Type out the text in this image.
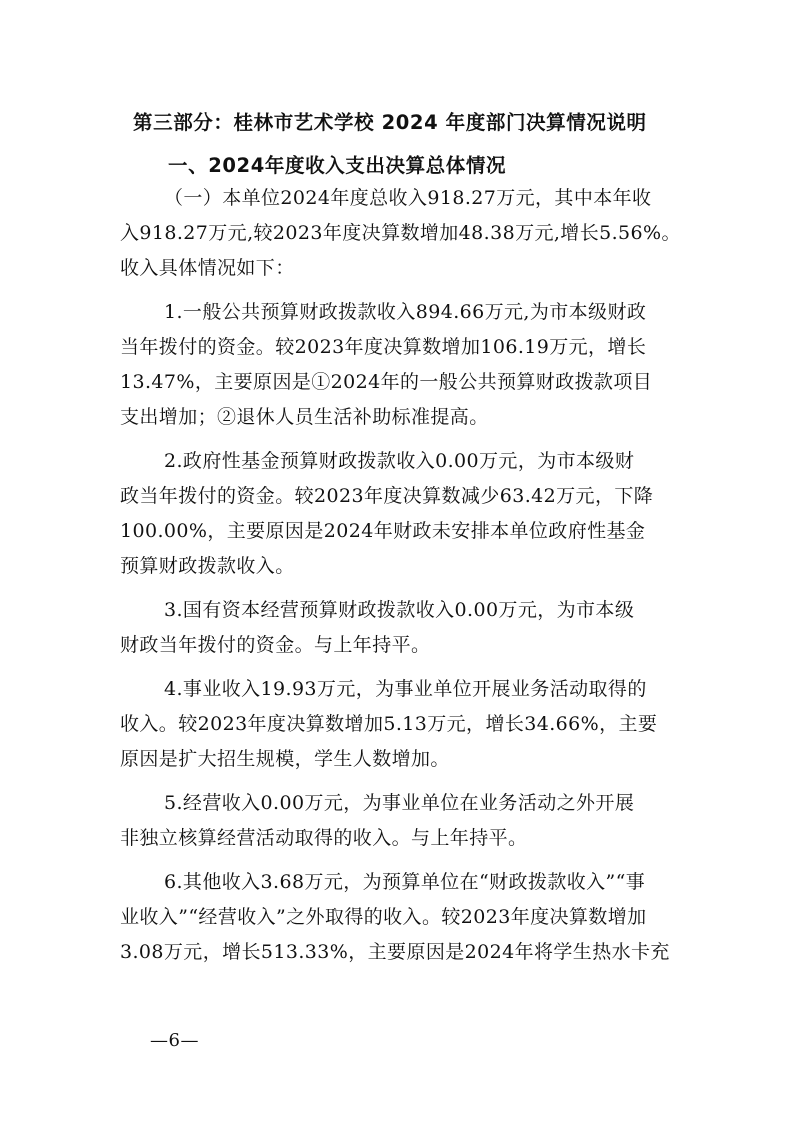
第三部分：桂林市艺术学校 2024 年度部门决算情况说明
一、2024年度收入支出决算总体情况
（一）本单位2024年度总收入918.27万元，其中本年收
入918.27万元,较2023年度决算数增加48.38万元,增长5.56%。
收入具体情况如下：
1.一般公共预算财政拨款收入894.66万元,为市本级财政
当年拨付的资金。较2023年度决算数增加106.19万元，增长
13.47%，主要原因是①2024年的一般公共预算财政拨款项目
支出增加；②退休人员生活补助标准提高。
2.政府性基金预算财政拨款收入0.00万元，为市本级财
政当年拨付的资金。较2023年度决算数减少63.42万元，下降
100.00%，主要原因是2024年财政未安排本单位政府性基金
预算财政拨款收入。
3.国有资本经营预算财政拨款收入0.00万元，为市本级
财政当年拨付的资金。与上年持平。
4.事业收入19.93万元，为事业单位开展业务活动取得的
收入。较2023年度决算数增加5.13万元，增长34.66%，主要
原因是扩大招生规模，学生人数增加。
5.经营收入0.00万元，为事业单位在业务活动之外开展
非独立核算经营活动取得的收入。与上年持平。
6.其他收入3.68万元，为预算单位在“财政拨款收入”“事
业收入”“经营收入”之外取得的收入。较2023年度决算数增加
3.08万元，增长513.33%，主要原因是2024年将学生热水卡充
—6—
